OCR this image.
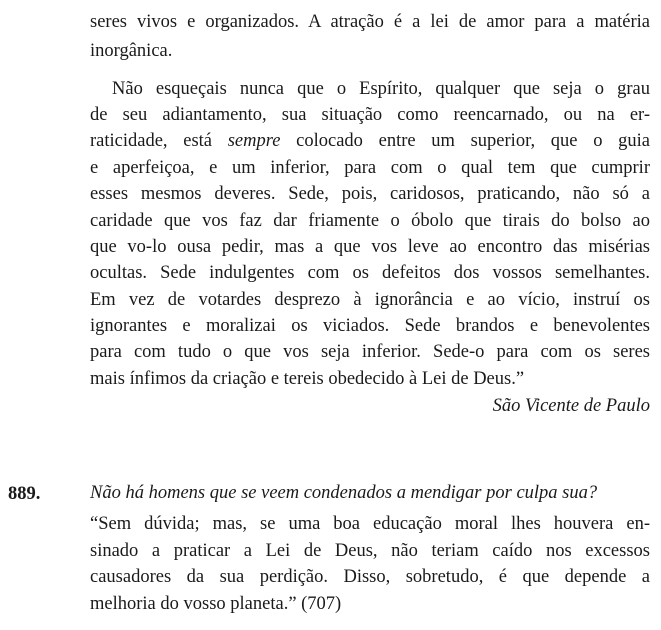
seres vivos e organizados. A atração é a lei de amor para a matéria
inorgânica.
Não esqueçais nunca que o Espírito, qualquer que seja o grau
de seu adiantamento, sua situação como reencarnado, ou na er-
raticidade, está sempre colocado entre um superior, que o guia
e aperfeiçoa, e um inferior, para com o qual tem que cumprir
esses mesmos deveres. Sede, pois, caridosos, praticando, não só a
caridade que vos faz dar friamente o óbolo que tirais do bolso ao
que vo-lo ousa pedir, mas a que vos leve ao encontro das misérias
ocultas. Sede indulgentes com os defeitos dos vossos semelhantes.
Em vez de votardes desprezo à ignorância e ao vício, instruí os
ignorantes e moralizai os viciados. Sede brandos e benevolentes
para com tudo o que vos seja inferior. Sede-o para com os seres
mais ínfimos da criação e tereis obedecido à Lei de Deus.”
São Vicente de Paulo
889.	Não há homens que se veem condenados a mendigar por culpa sua?
“Sem dúvida; mas, se uma boa educação moral lhes houvera en-
sinado a praticar a Lei de Deus, não teriam caído nos excessos
causadores da sua perdição. Disso, sobretudo, é que depende a
melhoria do vosso planeta.” (707)
